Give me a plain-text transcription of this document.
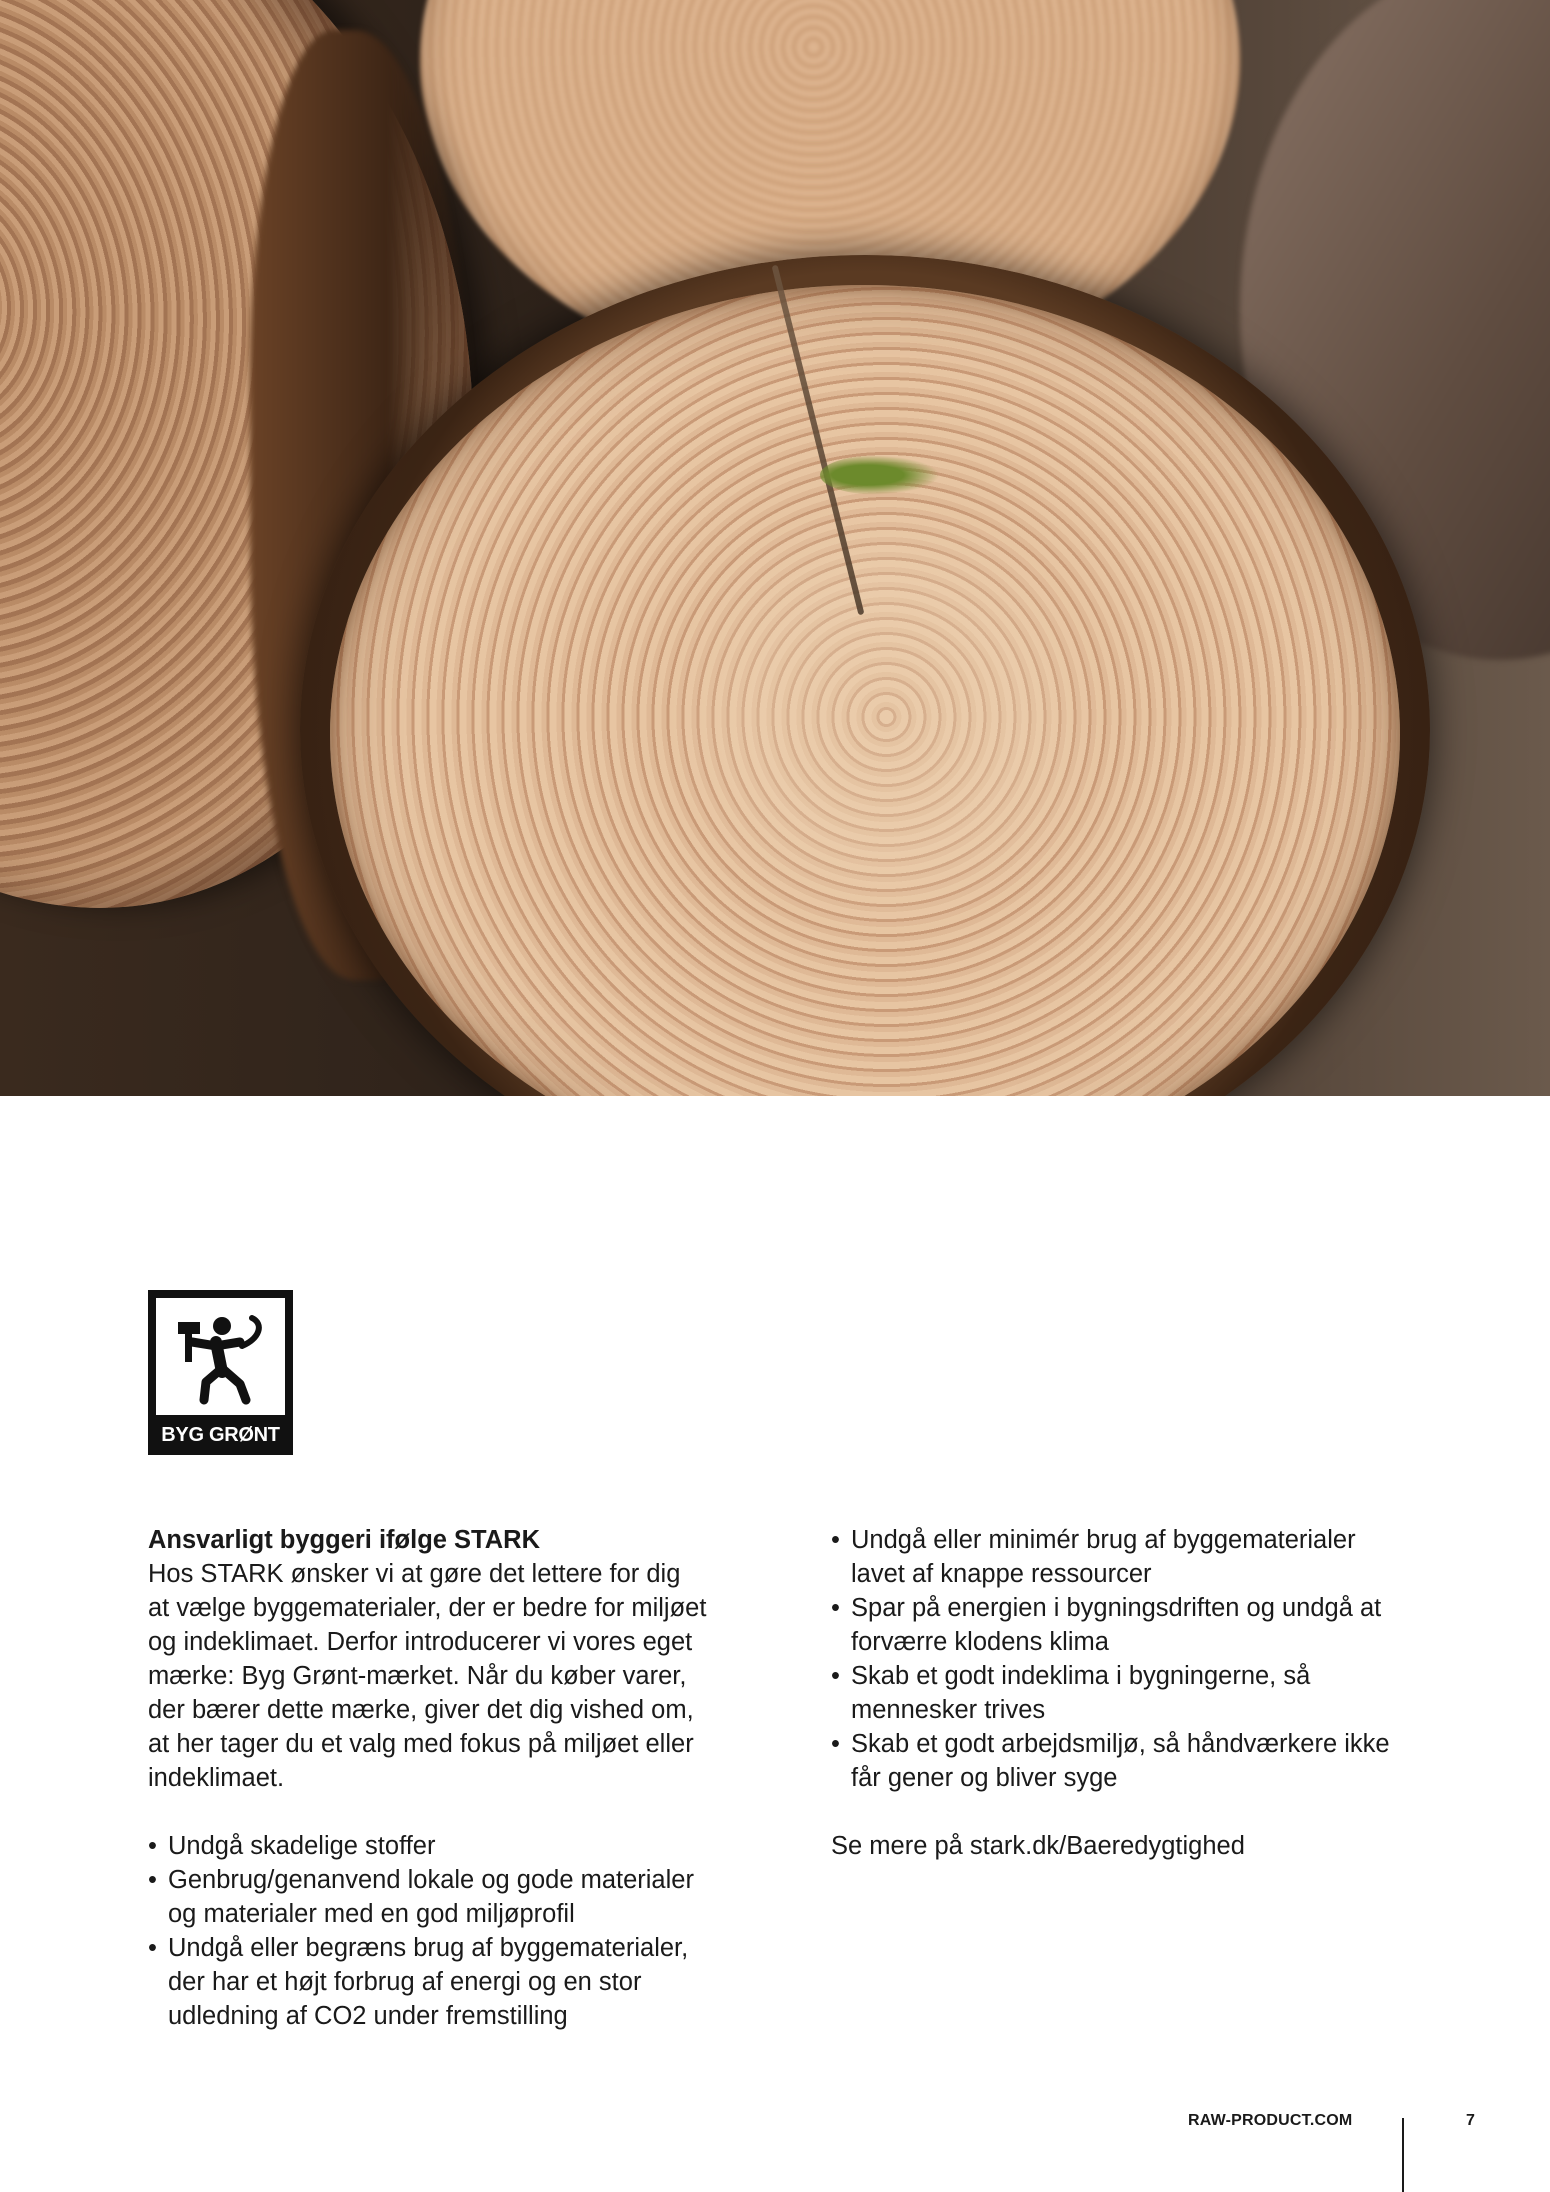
BYG GRØNT
Ansvarligt byggeri ifølge STARK
Hos STARK ønsker vi at gøre det lettere for dig
at vælge byggematerialer, der er bedre for miljøet
og indeklimaet. Derfor introducerer vi vores eget
mærke: Byg Grønt-mærket. Når du køber varer,
der bærer dette mærke, giver det dig vished om,
at her tager du et valg med fokus på miljøet eller
indeklimaet.
• Undgå skadelige stoffer
• Genbrug/genanvend lokale og gode materialer
og materialer med en god miljøprofil
• Undgå eller begræns brug af byggematerialer,
der har et højt forbrug af energi og en stor
udledning af CO2 under fremstilling
• Undgå eller minimér brug af byggematerialer
lavet af knappe ressourcer
• Spar på energien i bygningsdriften og undgå at
forværre klodens klima
• Skab et godt indeklima i bygningerne, så
mennesker trives
• Skab et godt arbejdsmiljø, så håndværkere ikke
får gener og bliver syge
Se mere på stark.dk/Baeredygtighed
RAW-PRODUCT.COM	7
